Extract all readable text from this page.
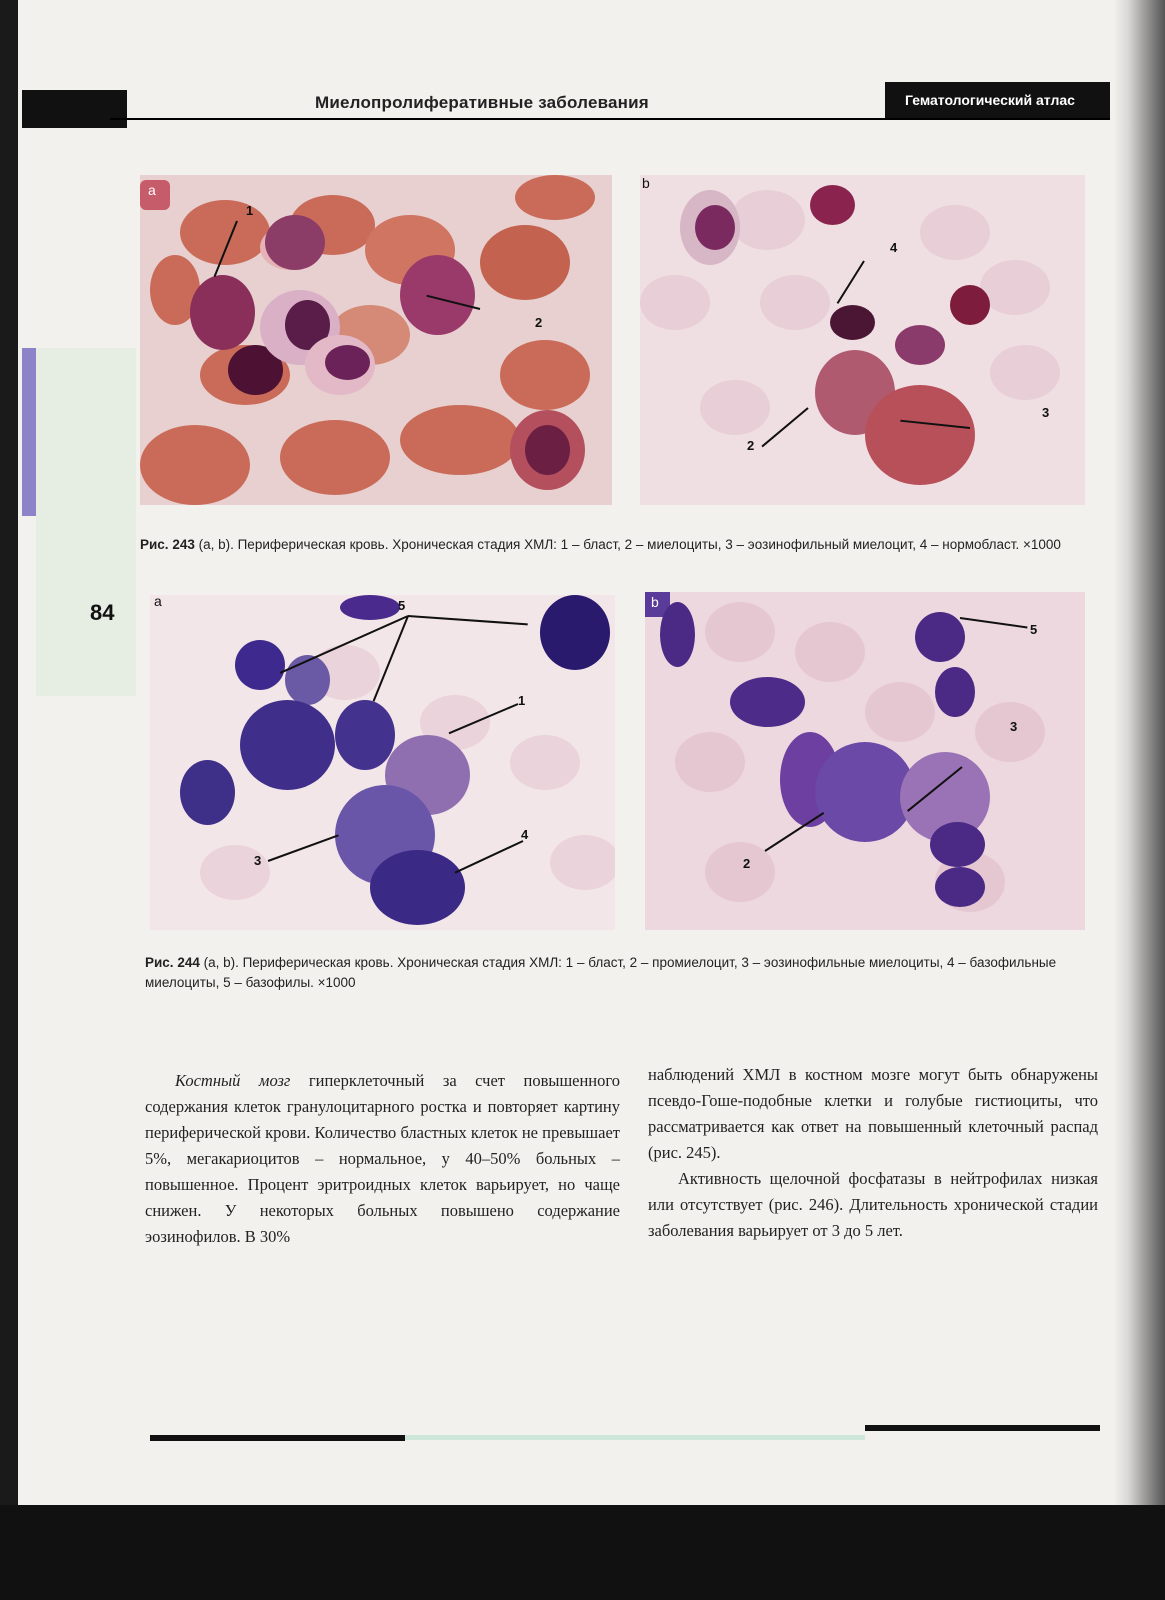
Миелопролиферативные заболевания	Гематологический атлас
a
1
2
b
4
2
3
Рис. 243 (a, b). Периферическая кровь. Хроническая стадия ХМЛ: 1 – бласт, 2 – миелоциты, 3 – эозинофильный миелоцит, 4 – нормобласт. ×1000
84	a	5
1
3
4
b
5
3
2
Рис. 244 (a, b). Периферическая кровь. Хроническая стадия ХМЛ: 1 – бласт, 2 – промиелоцит, 3 – эозинофильные миелоциты, 4 – базофильные миелоциты, 5 – базофилы. ×1000
Костный мозг гиперклеточный за счет повышенного содержания клеток гранулоцитарного ростка и повторяет картину периферической крови. Количество бластных клеток не превышает 5%, мегакариоцитов – нормальное, у 40–50% больных – повышенное. Процент эритроидных клеток варьирует, но чаще снижен. У некоторых больных повышено содержание эозинофилов. В 30%
наблюдений ХМЛ в костном мозге могут быть обнаружены псевдо-Гоше-подобные клетки и голубые гистиоциты, что рассматривается как ответ на повышенный клеточный распад (рис. 245).
Активность щелочной фосфатазы в нейтрофилах низкая или отсутствует (рис. 246). Длительность хронической стадии заболевания варьирует от 3 до 5 лет.
